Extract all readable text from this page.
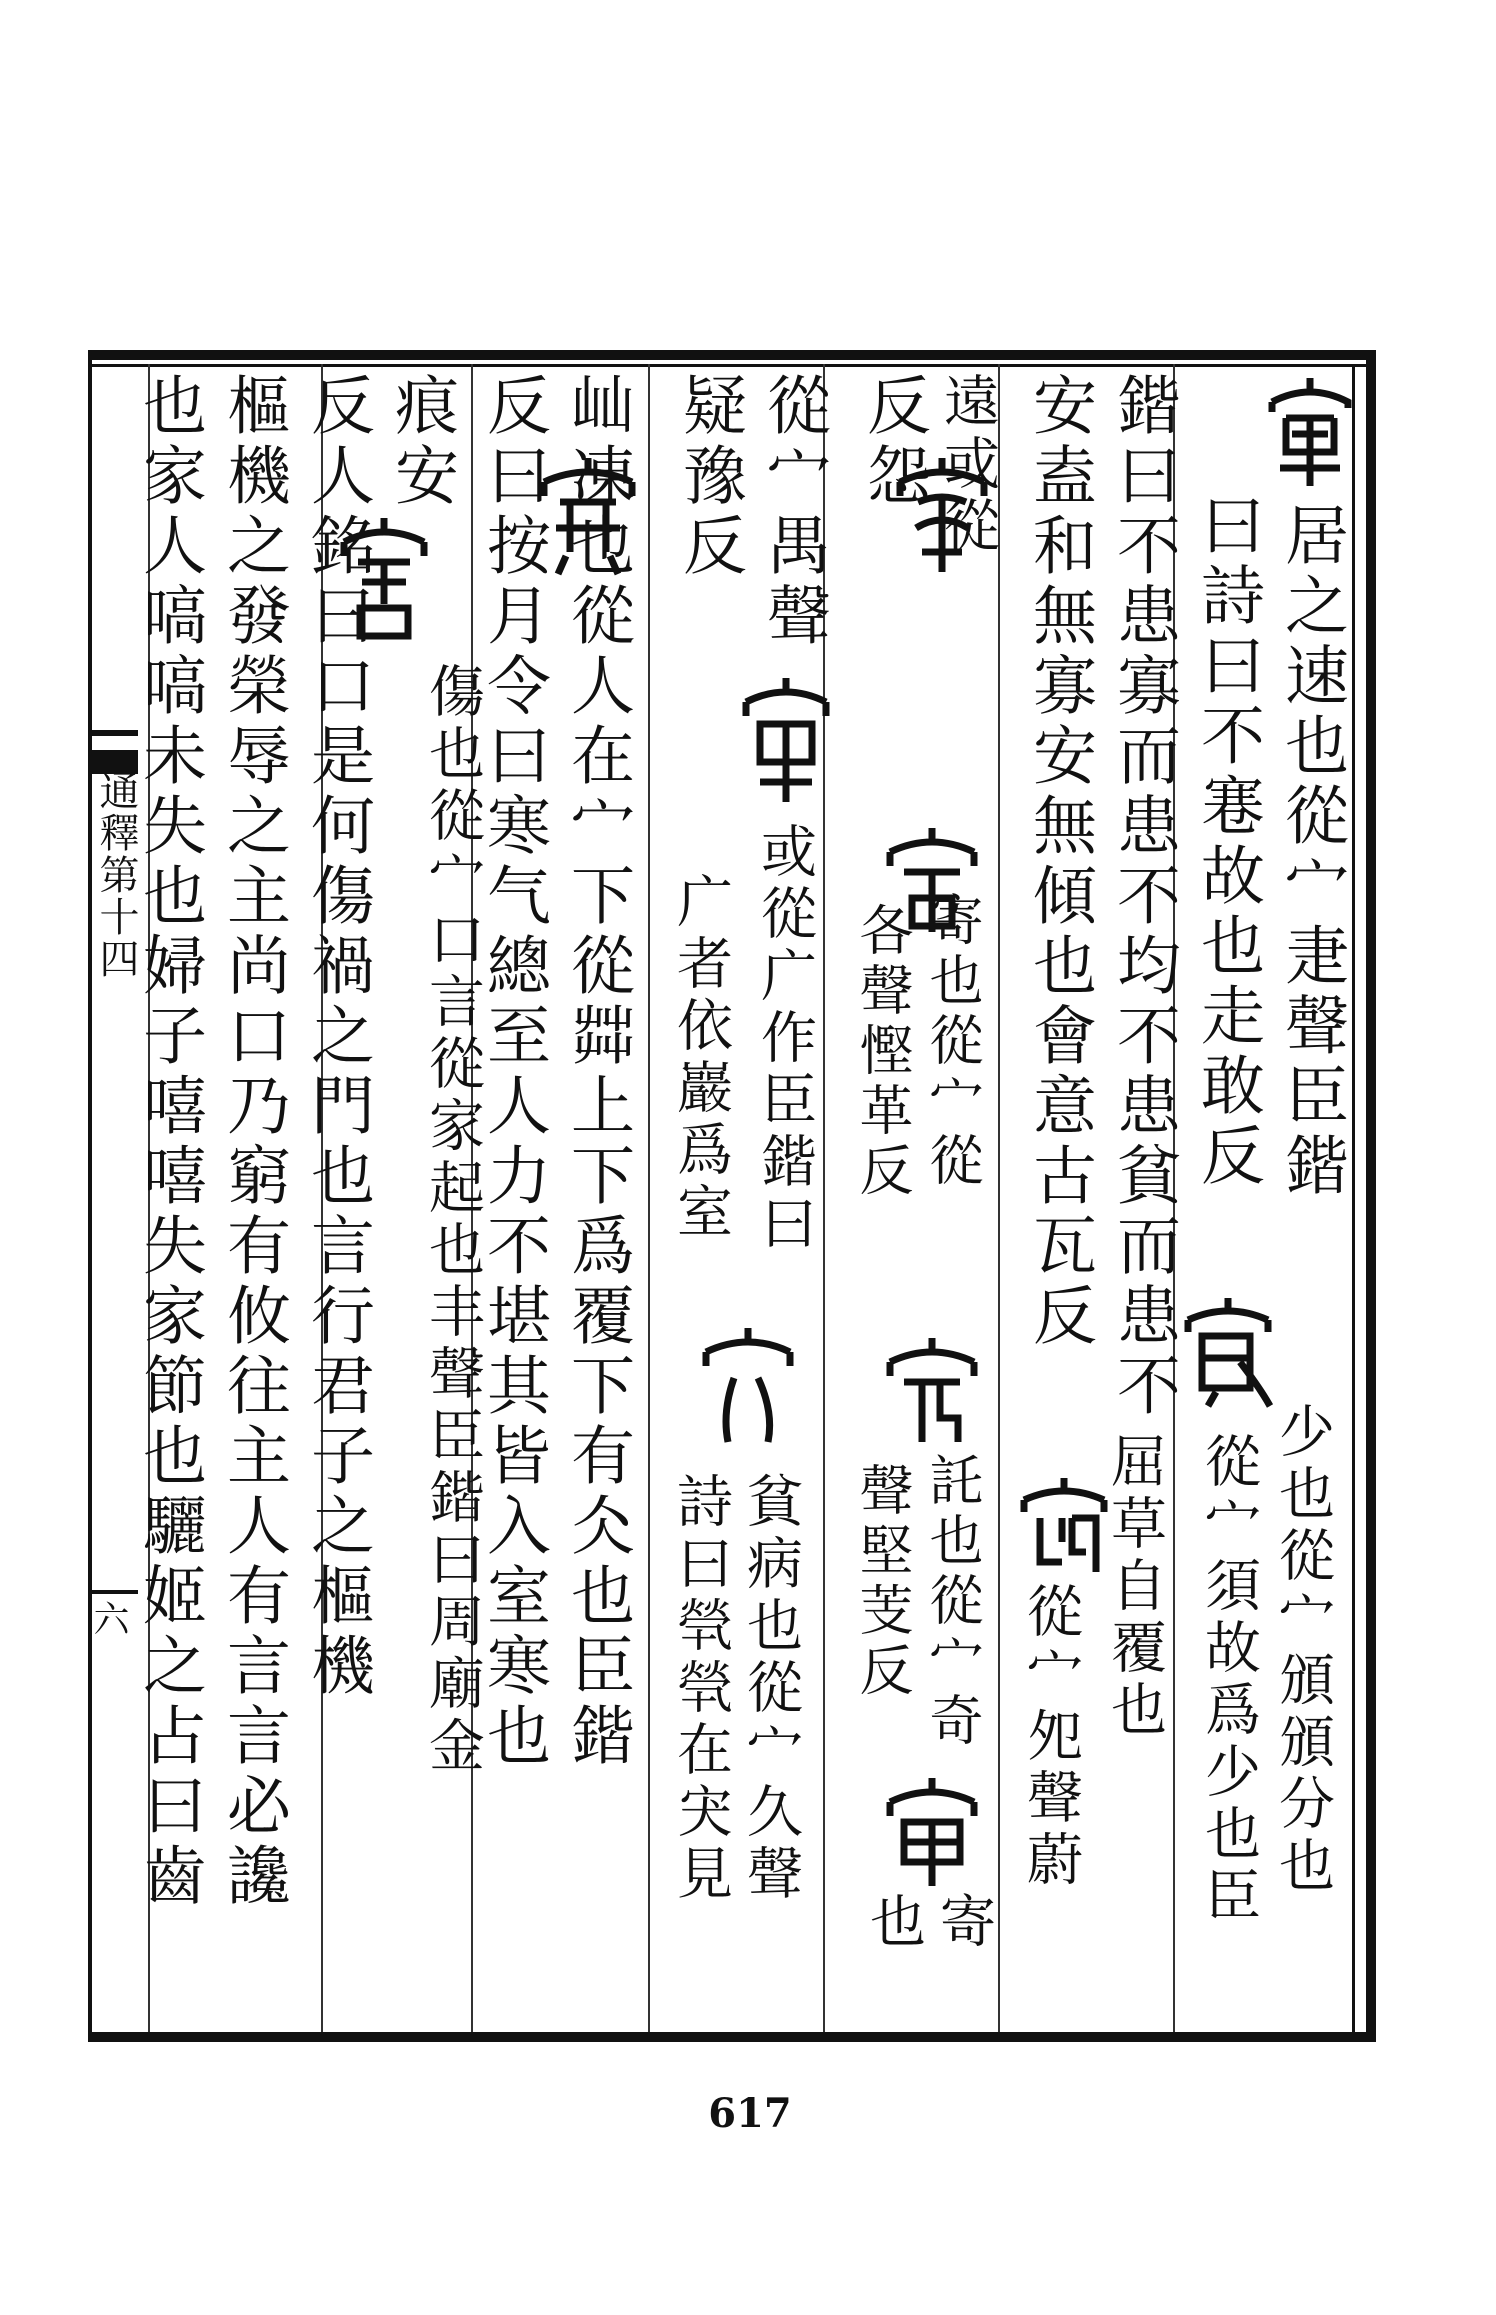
通釋第十四
六
居之速也從宀疌聲臣鍇
曰詩曰不寋故也走敢反
鍇曰不患寡而患不均不患貧而患不
安盍和無寡安無傾也會意古瓦反
遠或從
寄也從宀從
託也從宀奇
反怨
各聲慳革反
聲堅芰反
寄
也
從宀禺聲
或從广作臣鍇曰
疑豫反
广者依巖爲室
貧病也從宀久聲
詩曰煢煢在宊見
屾凍也從人在宀下從茻上下爲覆下有仌也臣鍇
反曰按月令曰寒气總至人力不堪其皆入室寒也
痕安
傷也從宀口言從家起也丰聲臣鍇曰周廟金
反人銘曰口是何傷禍之門也言行君子之樞機
樞機之發榮辱之主尚口乃窮有攸往主人有言言必讒
也家人嗃嗃未失也婦子嘻嘻失家節也驪姬之占曰齒	少也從宀頒頒分也
從宀須故爲少也臣
屈草自覆也
從宀夗聲蔚
617
